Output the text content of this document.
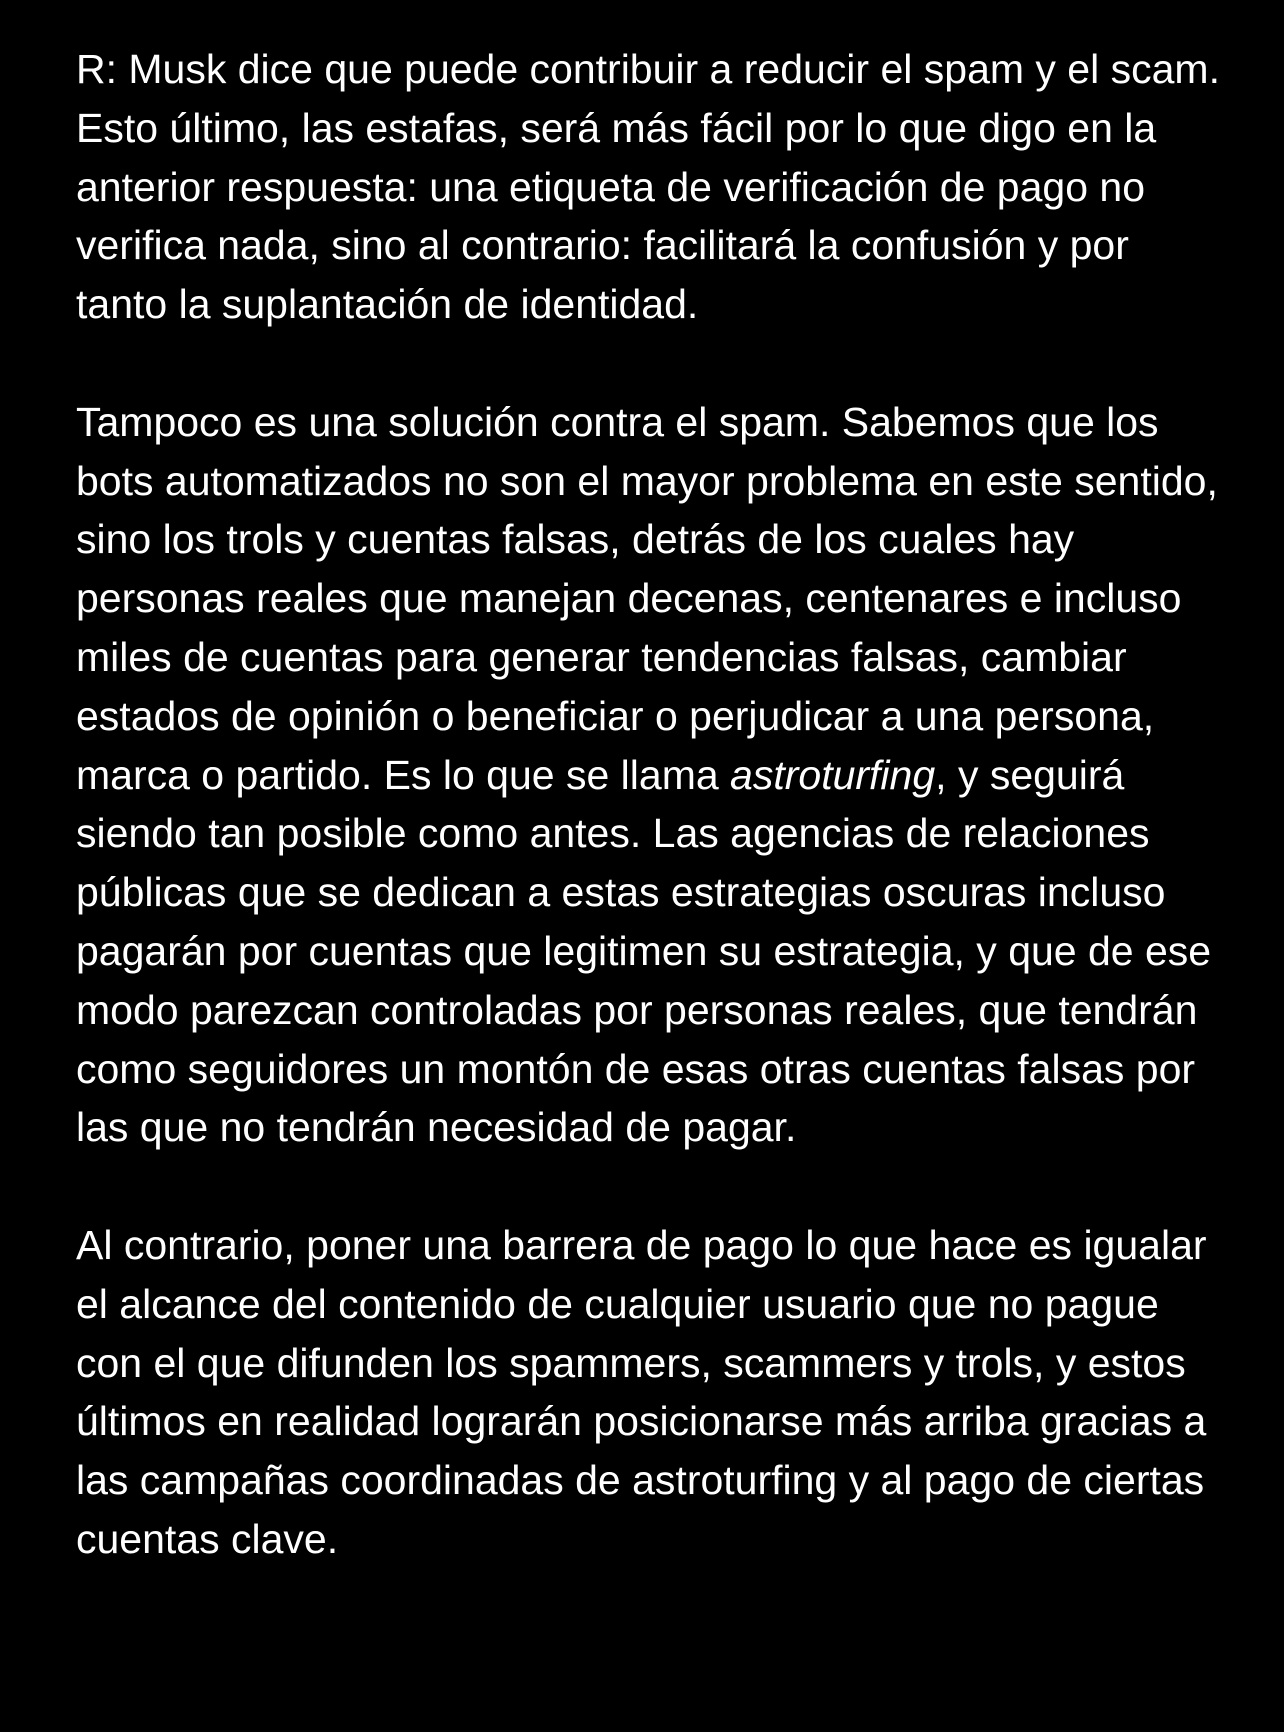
R: Musk dice que puede contribuir a reducir el spam y el scam. Esto último, las estafas, será más fácil por lo que digo en la anterior respuesta: una etiqueta de verificación de pago no verifica nada, sino al contrario: facilitará la confusión y por tanto la suplantación de identidad.

Tampoco es una solución contra el spam. Sabemos que los bots automatizados no son el mayor problema en este sentido, sino los trols y cuentas falsas, detrás de los cuales hay personas reales que manejan decenas, centenares e incluso miles de cuentas para generar tendencias falsas, cambiar estados de opinión o beneficiar o perjudicar a una persona, marca o partido. Es lo que se llama astroturfing, y seguirá siendo tan posible como antes. Las agencias de relaciones públicas que se dedican a estas estrategias oscuras incluso pagarán por cuentas que legitimen su estrategia, y que de ese modo parezcan controladas por personas reales, que tendrán como seguidores un montón de esas otras cuentas falsas por las que no tendrán necesidad de pagar.

Al contrario, poner una barrera de pago lo que hace es igualar el alcance del contenido de cualquier usuario que no pague con el que difunden los spammers, scammers y trols, y estos últimos en realidad lograrán posicionarse más arriba gracias a las campañas coordinadas de astroturfing y al pago de ciertas cuentas clave.
